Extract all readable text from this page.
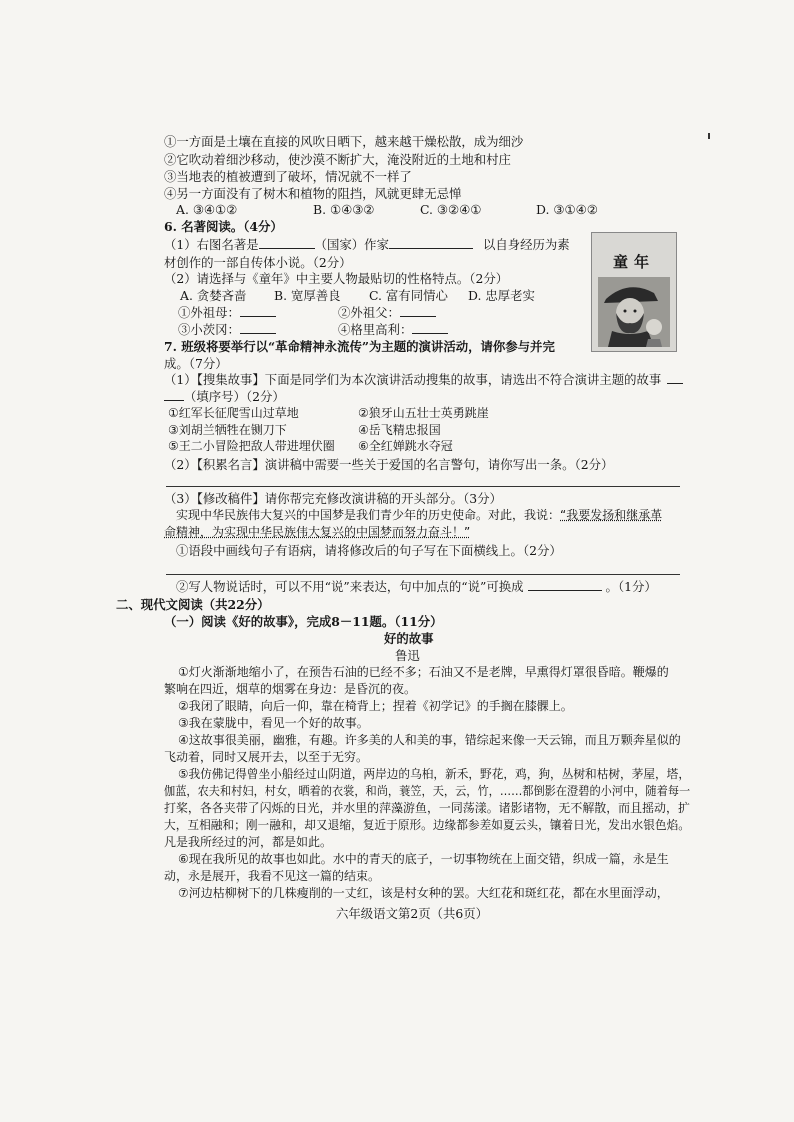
①一方面是土壤在直接的风吹日晒下，越来越干燥松散，成为细沙
②它吹动着细沙移动，使沙漠不断扩大，淹没附近的土地和村庄
③当地表的植被遭到了破坏，情况就不一样了
④另一方面没有了树木和植物的阻挡，风就更肆无忌惮
A. ③④①②	B. ①④③②	C. ③②④①	D. ③①④②
6. 名著阅读。（4分）
（1）右图名著是	（国家）作家	以自身经历为素
材创作的一部自传体小说。（2分）
（2）请选择与《童年》中主要人物最贴切的性格特点。（2分）
A. 贪婪吝啬 B. 宽厚善良 C. 富有同情心 D. 忠厚老实
①外祖母：	②外祖父：
③小茨冈：	④格里高利：
童年
7. 班级将要举行以“革命精神永流传”为主题的演讲活动，请你参与并完
成。（7分）
（1）【搜集故事】下面是同学们为本次演讲活动搜集的故事，请选出不符合演讲主题的故事
（填序号）（2分）
①红军长征爬雪山过草地	②狼牙山五壮士英勇跳崖
③刘胡兰牺牲在铡刀下	④岳飞精忠报国
⑤王二小冒险把敌人带进埋伏圈 ⑥全红婵跳水夺冠
（2）【积累名言】演讲稿中需要一些关于爱国的名言警句，请你写出一条。（2分）
（3）【修改稿件】请你帮完充修改演讲稿的开头部分。（3分）
实现中华民族伟大复兴的中国梦是我们青少年的历史使命。对此，我说：“我要发扬和继承革
命精神，为实现中华民族伟大复兴的中国梦而努力奋斗！”
①语段中画线句子有语病，请将修改后的句子写在下面横线上。（2分）
②写人物说话时，可以不用“说”来表达，句中加点的“说”可换成	。（1分）
二、现代文阅读（共22分）
（一）阅读《好的故事》，完成8－11题。（11分）
好的故事
鲁迅
①灯火渐渐地缩小了，在预告石油的已经不多；石油又不是老牌，早熏得灯罩很昏暗。鞭爆的
繁响在四近，烟草的烟雾在身边：是昏沉的夜。
②我闭了眼睛，向后一仰，靠在椅背上；捏着《初学记》的手搁在膝髁上。
③我在蒙胧中，看见一个好的故事。
④这故事很美丽，幽雅，有趣。许多美的人和美的事，错综起来像一天云锦，而且万颗奔星似的
飞动着，同时又展开去，以至于无穷。
⑤我仿佛记得曾坐小船经过山阴道，两岸边的乌桕，新禾，野花，鸡，狗，丛树和枯树，茅屋，塔，
伽蓝，农夫和村妇，村女，晒着的衣裳，和尚，蓑笠，天，云，竹，……都倒影在澄碧的小河中，随着每一
打桨，各各夹带了闪烁的日光，并水里的萍藻游鱼，一同荡漾。诸影诸物，无不解散，而且摇动，扩
大，互相融和；刚一融和，却又退缩，复近于原形。边缘都参差如夏云头，镶着日光，发出水银色焰。
凡是我所经过的河，都是如此。
⑥现在我所见的故事也如此。水中的青天的底子，一切事物统在上面交错，织成一篇，永是生
动，永是展开，我看不见这一篇的结束。
⑦河边枯柳树下的几株瘦削的一丈红，该是村女种的罢。大红花和斑红花，都在水里面浮动，
六年级语文第2页（共6页）
